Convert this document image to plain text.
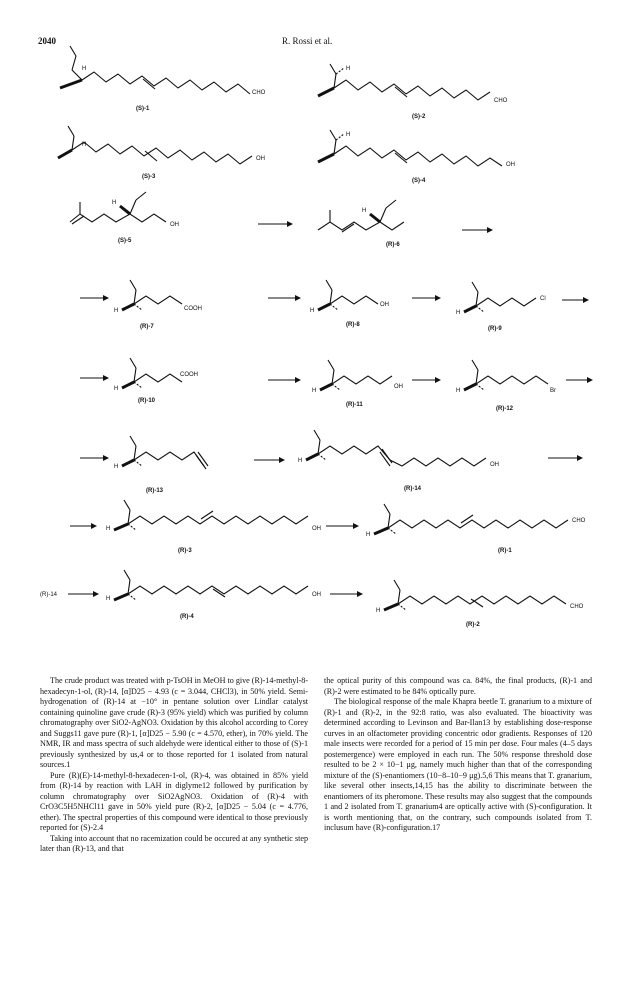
2040	R. Rossi et al.
H
CHO
(S)-1
H
CHO
(S)-2
H
OH
(S)-3
H
OH
(S)-4
H
OH
(S)-5
H
(R)-6
H	COOH
(R)-7
H
OH
(R)-8
H
Cl
(R)-9
H
COOH
(R)-10
H
OH
(R)-11
H	Br
(R)-12
H
(R)-13
H
OH
(R)-14
H	OH
(R)-3
H
CHO
(R)-1
(R)-14
H
OH
(R)-4
H
CHO
(R)-2

The crude product was treated with p-TsOH in MeOH to give (R)-14-methyl-8-hexadecyn-1-ol, (R)-14, [α]D25 − 4.93 (c = 3.044, CHCl3), in 50% yield. Semi-hydrogenation of (R)-14 at −10° in pentane solution over Lindlar catalyst containing quinoline gave crude (R)-3 (95% yield) which was purified by column chromatography over SiO2-AgNO3. Oxidation by this alcohol according to Corey and Suggs11 gave pure (R)-1, [α]D25 − 5.90 (c = 4.570, ether), in 70% yield. The NMR, IR and mass spectra of such aldehyde were identical either to those of (S)-1 previously synthesized by us,4 or to those reported for 1 isolated from natural sources.1

Pure (R)(E)-14-methyl-8-hexadecen-1-ol, (R)-4, was obtained in 85% yield from (R)-14 by reaction with LAH in diglyme12 followed by purification by column chromatography over SiO2AgNO3. Oxidation of (R)-4 with CrO3C5H5NHCl11 gave in 50% yield pure (R)-2, [α]D25 − 5.04 (c = 4.776, ether). The spectral properties of this compound were identical to those previously reported for (S)-2.4

Taking into account that no racemization could be occured at any synthetic step later than (R)-13, and that

the optical purity of this compound was ca. 84%, the final products, (R)-1 and (R)-2 were estimated to be 84% optically pure.

The biological response of the male Khapra beetle T. granarium to a mixture of (R)-1 and (R)-2, in the 92:8 ratio, was also evaluated. The bioactivity was determined according to Levinson and Bar-Ilan13 by establishing dose-response curves in an olfactometer providing concentric odor gradients. Responses of 120 male insects were recorded for a period of 15 min per dose. Four males (4–5 days postemergence) were employed in each run. The 50% response threshold dose resulted to be 2 × 10−1 μg, namely much higher than that of the corresponding mixture of the (S)-enantiomers (10−8–10−9 μg).5,6 This means that T. granarium, like several other insects,14,15 has the ability to discriminate between the enantiomers of its pheromone. These results may also suggest that the compounds 1 and 2 isolated from T. granarium4 are optically active with (S)-configuration. It is worth mentioning that, on the contrary, such compounds isolated from T. inclusum have (R)-configuration.17
